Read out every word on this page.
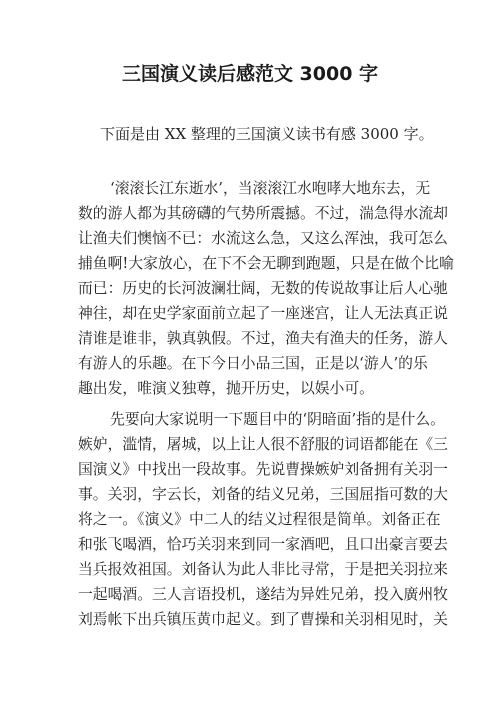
三国演义读后感范文 3000 字
下面是由 XX 整理的三国演义读书有感 3000 字。
‘滚滚长江东逝水’，当滚滚江水咆哮大地东去，无
数的游人都为其磅礴的气势所震撼。不过，湍急得水流却
让渔夫们懊恼不已：水流这么急，又这么浑浊，我可怎么
捕鱼啊!大家放心，在下不会无聊到跑题，只是在做个比喻
而已：历史的长河波澜壮阔，无数的传说故事让后人心驰
神往，却在史学家面前立起了一座迷宫，让人无法真正说
清谁是谁非，孰真孰假。不过，渔夫有渔夫的任务，游人
有游人的乐趣。在下今日小品三国，正是以‘游人’的乐
趣出发，唯演义独尊，抛开历史，以娱小可。
先要向大家说明一下题目中的‘阴暗面’指的是什么。
嫉妒，滥情，屠城，以上让人很不舒服的词语都能在《三
国演义》中找出一段故事。先说曹操嫉妒刘备拥有关羽一
事。关羽，字云长，刘备的结义兄弟，三国屈指可数的大
将之一。《演义》中二人的结义过程很是简单。刘备正在
和张飞喝酒，恰巧关羽来到同一家酒吧，且口出豪言要去
当兵报效祖国。刘备认为此人非比寻常，于是把关羽拉来
一起喝酒。三人言语投机，遂结为异姓兄弟，投入廣州牧
刘焉帐下出兵镇压黄巾起义。到了曹操和关羽相见时，关
